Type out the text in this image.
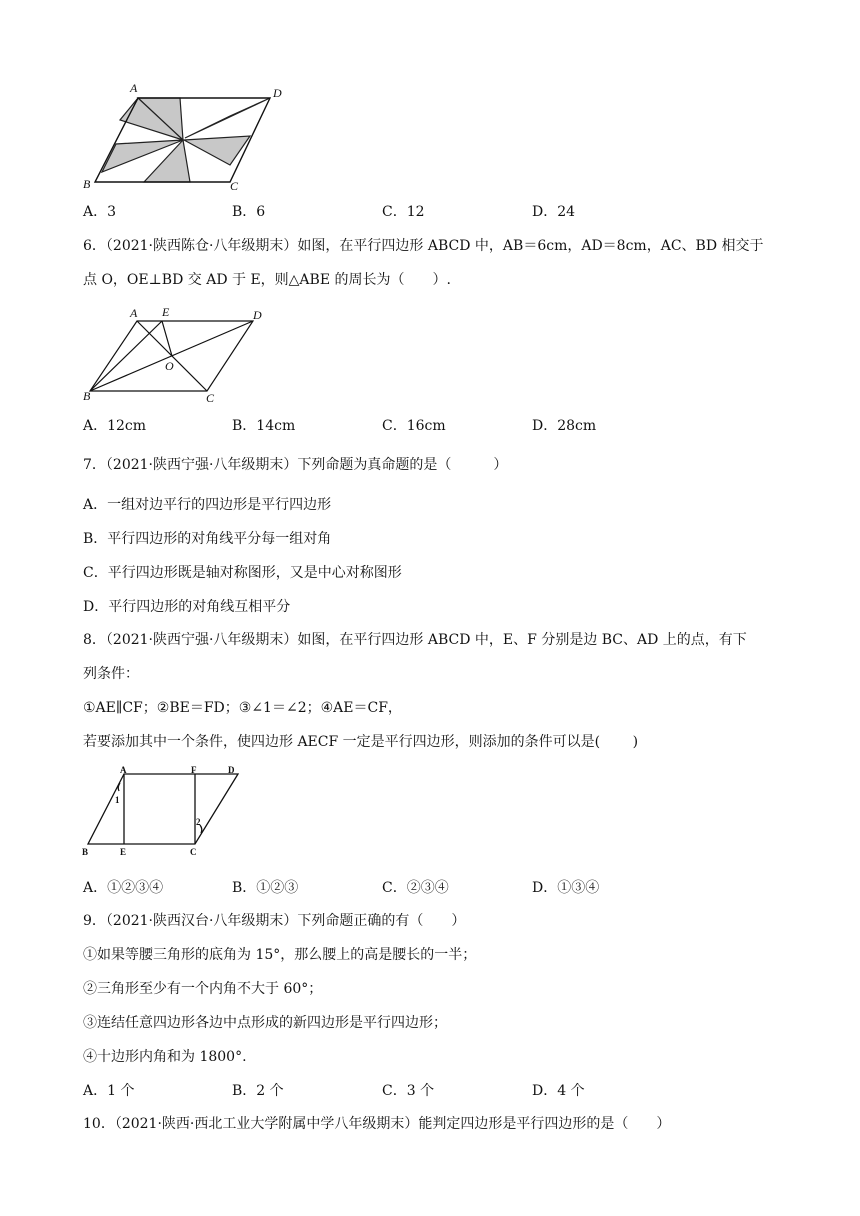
A	D
B	C
A．3	B．6	C．12	D．24
6．（2021·陕西陈仓·八年级期末）如图，在平行四边形 ABCD 中，AB＝6cm，AD＝8cm，AC、BD 相交于
点 O，OE⊥BD 交 AD 于 E，则△ABE 的周长为（　　）.
A E	D
O
B	C
A．12cm	B．14cm	C．16cm	D．28cm
7．（2021·陕西宁强·八年级期末）下列命题为真命题的是（　　　）
A．一组对边平行的四边形是平行四边形
B．平行四边形的对角线平分每一组对角
C．平行四边形既是轴对称图形，又是中心对称图形
D．平行四边形的对角线互相平分
8．（2021·陕西宁强·八年级期末）如图，在平行四边形 ABCD 中，E、F 分别是边 BC、AD 上的点，有下
列条件：
①AE∥CF；②BE＝FD；③∠1＝∠2；④AE＝CF，
若要添加其中一个条件，使四边形 AECF 一定是平行四边形，则添加的条件可以是(　　 )
A	F	D
B	E	C
1
2
A．①②③④	B．①②③	C．②③④	D．①③④
9．（2021·陕西汉台·八年级期末）下列命题正确的有（　　）
①如果等腰三角形的底角为 15°，那么腰上的高是腰长的一半；
②三角形至少有一个内角不大于 60°；
③连结任意四边形各边中点形成的新四边形是平行四边形；
④十边形内角和为 1800°.
A．1 个	B．2 个	C．3 个	D．4 个
10．（2021·陕西·西北工业大学附属中学八年级期末）能判定四边形是平行四边形的是（　　）
